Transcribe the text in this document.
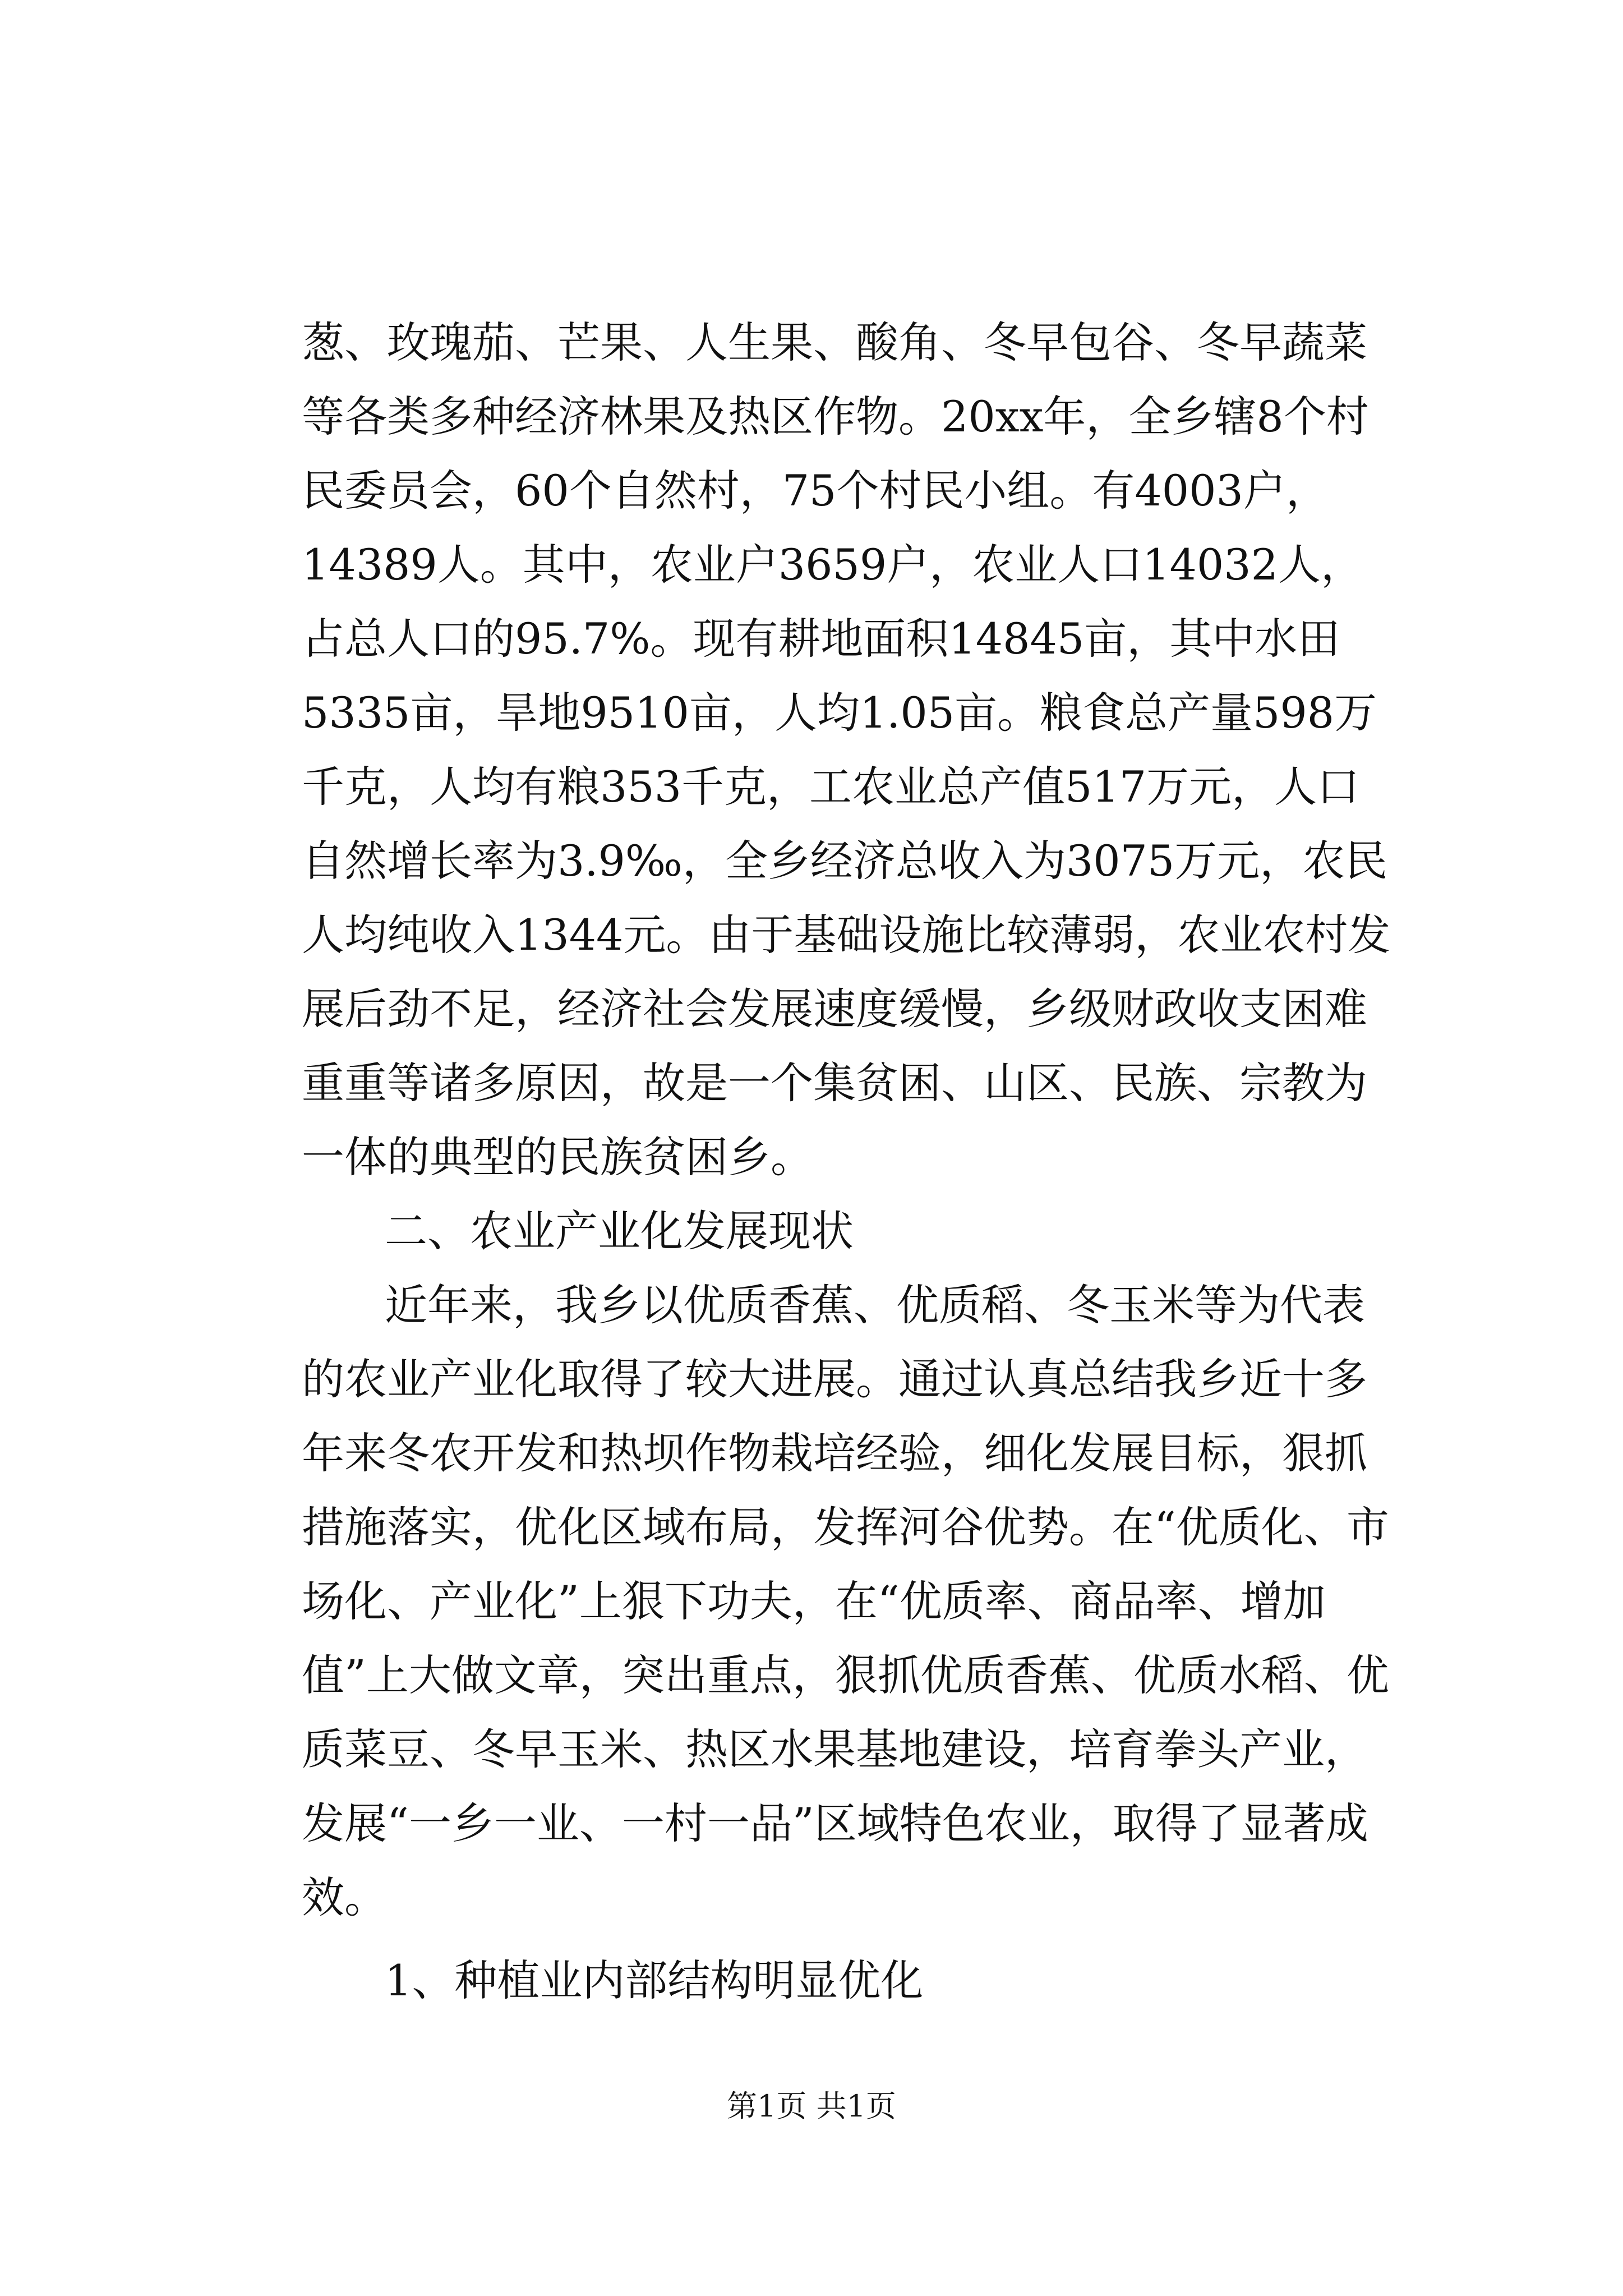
葱、玫瑰茄、芒果、人生果、酸角、冬早包谷、冬早蔬菜等各类多种经济林果及热区作物。20xx年，全乡辖8个村民委员会，60个自然村，75个村民小组。有4003户，14389人。其中，农业户3659户，农业人口14032人，占总人口的95.7%。现有耕地面积14845亩，其中水田5335亩，旱地9510亩，人均1.05亩。粮食总产量598万千克，人均有粮353千克，工农业总产值517万元，人口自然增长率为3.9‰，全乡经济总收入为3075万元，农民人均纯收入1344元。由于基础设施比较薄弱，农业农村发展后劲不足，经济社会发展速度缓慢，乡级财政收支困难重重等诸多原因，故是一个集贫困、山区、民族、宗教为一体的典型的民族贫困乡。

二、农业产业化发展现状

近年来，我乡以优质香蕉、优质稻、冬玉米等为代表的农业产业化取得了较大进展。通过认真总结我乡近十多年来冬农开发和热坝作物栽培经验，细化发展目标，狠抓措施落实，优化区域布局，发挥河谷优势。在“优质化、市场化、产业化”上狠下功夫，在“优质率、商品率、增加值”上大做文章，突出重点，狠抓优质香蕉、优质水稻、优质菜豆、冬早玉米、热区水果基地建设，培育拳头产业，发展“一乡一业、一村一品”区域特色农业，取得了显著成效。

1、种植业内部结构明显优化

第1页 共1页
